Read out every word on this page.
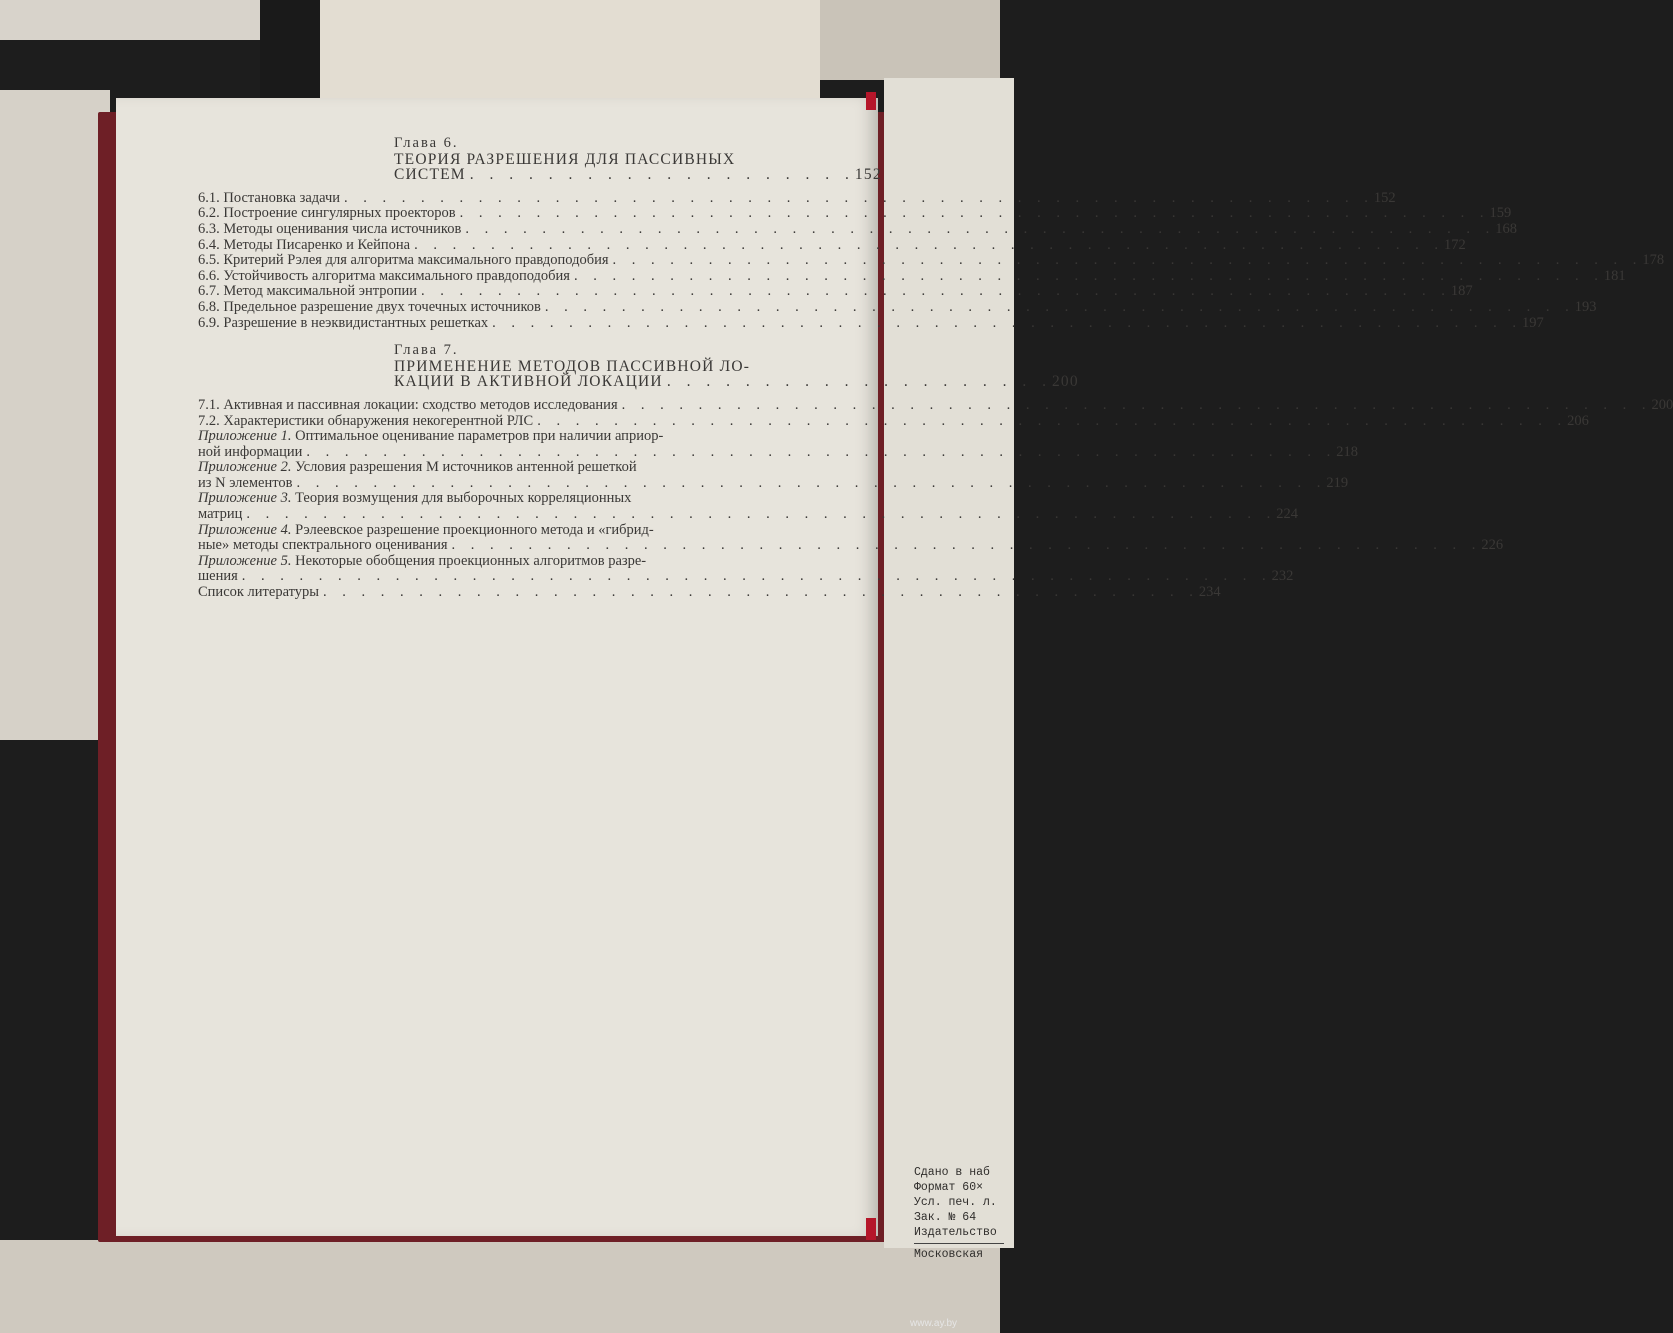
Глава 6.
ТЕОРИЯ РАЗРЕШЕНИЯ ДЛЯ ПАССИВНЫХ
СИСТЕМ . . . . . . . . . . . . . . . . . . . . 152
6.1. Постановка задачи . . . . . . . . . . . . . . . . . . . . . . . . . . . . . . . . . . . . . . . . . . . . . . . . . . . . . . 152
6.2. Построение сингулярных проекторов . . . . . . . . . . . . . . . . . . . . . . . . . . . . . . . . . . . . . . . . . . . . . . . . . . . . . . 159
6.3. Методы оценивания числа источников . . . . . . . . . . . . . . . . . . . . . . . . . . . . . . . . . . . . . . . . . . . . . . . . . . . . . . 168
6.4. Методы Писаренко и Кейпона . . . . . . . . . . . . . . . . . . . . . . . . . . . . . . . . . . . . . . . . . . . . . . . . . . . . . . 172
6.5. Критерий Рэлея для алгоритма максимального правдоподобия . . . . . . . . . . . . . . . . . . . . . . . . . . . . . . . . . . . . . . . . . . . . . . . . . . . . . . 178
6.6. Устойчивость алгоритма максимального правдоподобия . . . . . . . . . . . . . . . . . . . . . . . . . . . . . . . . . . . . . . . . . . . . . . . . . . . . . . 181
6.7. Метод максимальной энтропии . . . . . . . . . . . . . . . . . . . . . . . . . . . . . . . . . . . . . . . . . . . . . . . . . . . . . . 187
6.8. Предельное разрешение двух точечных источников . . . . . . . . . . . . . . . . . . . . . . . . . . . . . . . . . . . . . . . . . . . . . . . . . . . . . . 193
6.9. Разрешение в неэквидистантных решетках . . . . . . . . . . . . . . . . . . . . . . . . . . . . . . . . . . . . . . . . . . . . . . . . . . . . . . 197
Глава 7.
ПРИМЕНЕНИЕ МЕТОДОВ ПАССИВНОЙ ЛО-
КАЦИИ В АКТИВНОЙ ЛОКАЦИИ . . . . . . . . . . . . . . . . . . . . 200
7.1. Активная и пассивная локации: сходство методов исследования . . . . . . . . . . . . . . . . . . . . . . . . . . . . . . . . . . . . . . . . . . . . . . . . . . . . . . 200
7.2. Характеристики обнаружения некогерентной РЛС . . . . . . . . . . . . . . . . . . . . . . . . . . . . . . . . . . . . . . . . . . . . . . . . . . . . . . 206
Приложение 1. Оптимальное оценивание параметров при наличии априор-
ной информации . . . . . . . . . . . . . . . . . . . . . . . . . . . . . . . . . . . . . . . . . . . . . . . . . . . . . . 218
Приложение 2. Условия разрешения M источников антенной решеткой
из N элементов . . . . . . . . . . . . . . . . . . . . . . . . . . . . . . . . . . . . . . . . . . . . . . . . . . . . . . 219
Приложение 3. Теория возмущения для выборочных корреляционных
матриц . . . . . . . . . . . . . . . . . . . . . . . . . . . . . . . . . . . . . . . . . . . . . . . . . . . . . . 224
Приложение 4. Рэлеевское разрешение проекционного метода и «гибрид-
ные» методы спектрального оценивания . . . . . . . . . . . . . . . . . . . . . . . . . . . . . . . . . . . . . . . . . . . . . . . . . . . . . . 226
Приложение 5. Некоторые обобщения проекционных алгоритмов разре-
шения . . . . . . . . . . . . . . . . . . . . . . . . . . . . . . . . . . . . . . . . . . . . . . . . . . . . . . 232
Список литературы . . . . . . . . . . . . . . . . . . . . . . . . . . . . . . . . . . . . . . . . . . . . . . 234
Сдано в наб
Формат 60×
Усл. печ. л.
Зак. № 64
Издательство
Московская
www.ay.by
